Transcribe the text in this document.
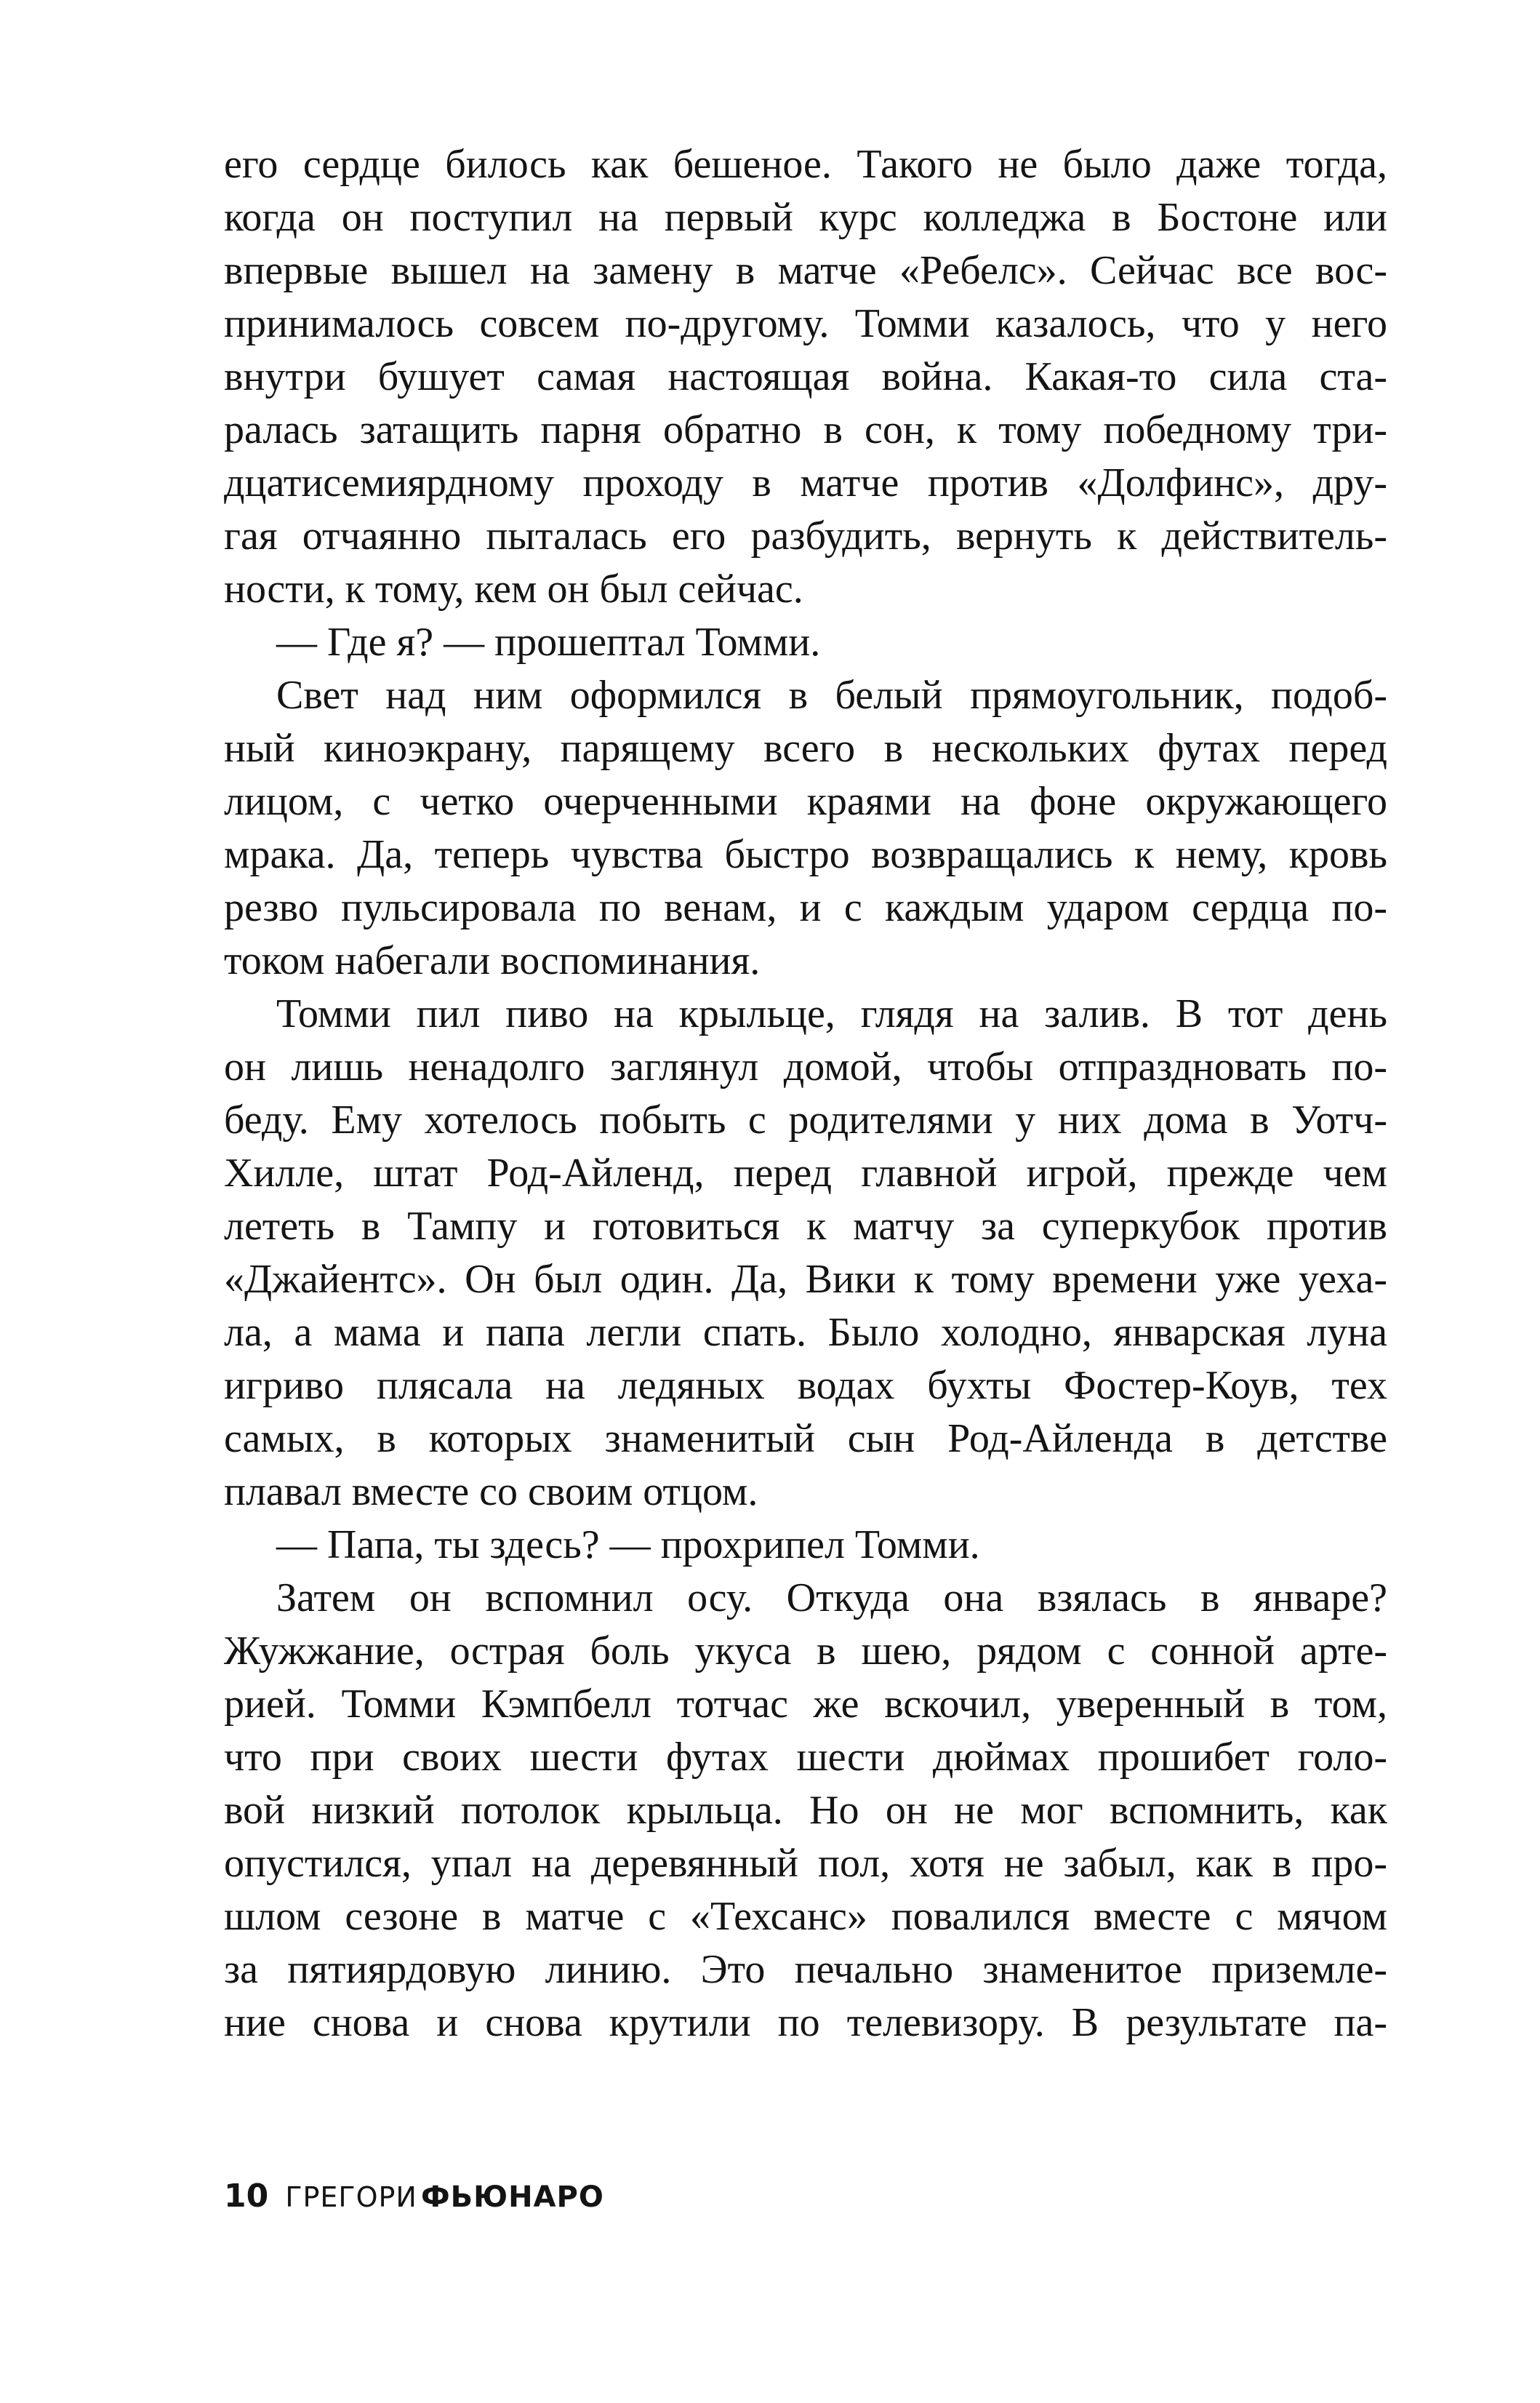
его сердце билось как бешеное. Такого не было даже тогда,
когда он поступил на первый курс колледжа в Бостоне или
впервые вышел на замену в матче «Ребелс». Сейчас все вос-
принималось совсем по-другому. Томми казалось, что у него
внутри бушует самая настоящая война. Какая-то сила ста-
ралась затащить парня обратно в сон, к тому победному три-
дцатисемиярдному проходу в матче против «Долфинс», дру-
гая отчаянно пыталась его разбудить, вернуть к действитель-
ности, к тому, кем он был сейчас.
— Где я? — прошептал Томми.
Свет над ним оформился в белый прямоугольник, подоб-
ный киноэкрану, парящему всего в нескольких футах перед
лицом, с четко очерченными краями на фоне окружающего
мрака. Да, теперь чувства быстро возвращались к нему, кровь
резво пульсировала по венам, и с каждым ударом сердца по-
током набегали воспоминания.
Томми пил пиво на крыльце, глядя на залив. В тот день
он лишь ненадолго заглянул домой, чтобы отпраздновать по-
беду. Ему хотелось побыть с родителями у них дома в Уотч-
Хилле, штат Род-Айленд, перед главной игрой, прежде чем
лететь в Тампу и готовиться к матчу за суперкубок против
«Джайентс». Он был один. Да, Вики к тому времени уже уеха-
ла, а мама и папа легли спать. Было холодно, январская луна
игриво плясала на ледяных водах бухты Фостер-Коув, тех
самых, в которых знаменитый сын Род-Айленда в детстве
плавал вместе со своим отцом.
— Папа, ты здесь? — прохрипел Томми.
Затем он вспомнил осу. Откуда она взялась в январе?
Жужжание, острая боль укуса в шею, рядом с сонной арте-
рией. Томми Кэмпбелл тотчас же вскочил, уверенный в том,
что при своих шести футах шести дюймах прошибет голо-
вой низкий потолок крыльца. Но он не мог вспомнить, как
опустился, упал на деревянный пол, хотя не забыл, как в про-
шлом сезоне в матче с «Техсанс» повалился вместе с мячом
за пятиярдовую линию. Это печально знаменитое приземле-
ние снова и снова крутили по телевизору. В результате па-
10 ГРЕГОРИ ФЬЮНАРО
